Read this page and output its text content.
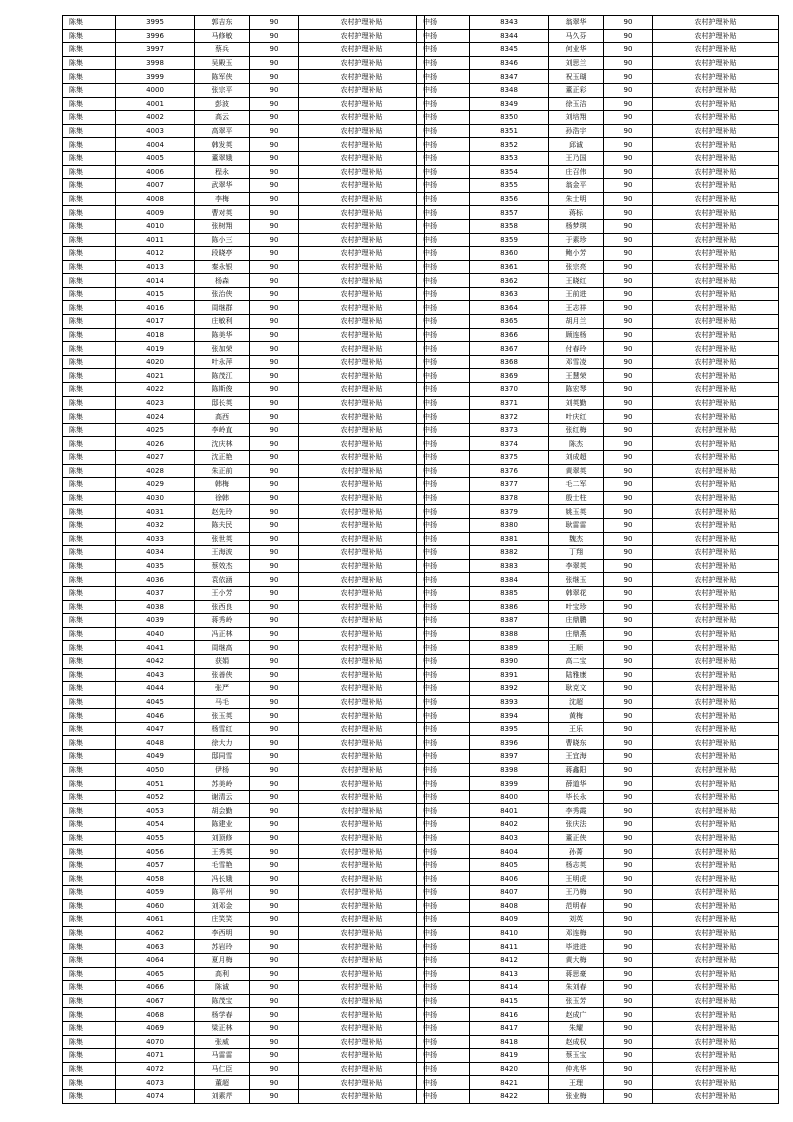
陈集	3995	郭吉东	90	农村护理补贴
陈集	3996	马修敏	90	农村护理补贴
陈集	3997	蔡兵	90	农村护理补贴
陈集	3998	吴殿玉	90	农村护理补贴
陈集	3999	陈军侠	90	农村护理补贴
陈集	4000	张宗平	90	农村护理补贴
陈集	4001	彭波	90	农村护理补贴
陈集	4002	高云	90	农村护理补贴
陈集	4003	高翠平	90	农村护理补贴
陈集	4004	韩发英	90	农村护理补贴
陈集	4005	董翠娥	90	农村护理补贴
陈集	4006	程永	90	农村护理补贴
陈集	4007	武翠华	90	农村护理补贴
陈集	4008	李梅	90	农村护理补贴
陈集	4009	曹对英	90	农村护理补贴
陈集	4010	张树翔	90	农村护理补贴
陈集	4011	陈小三	90	农村护理补贴
陈集	4012	段晓亭	90	农村护理补贴
陈集	4013	秦永银	90	农村护理补贴
陈集	4014	杨森	90	农村护理补贴
陈集	4015	张治侠	90	农村护理补贴
陈集	4016	周继群	90	农村护理补贴
陈集	4017	庄敏利	90	农村护理补贴
陈集	4018	陈美华	90	农村护理补贴
陈集	4019	张加荣	90	农村护理补贴
陈集	4020	叶永萍	90	农村护理补贴
陈集	4021	陈茂江	90	农村护理补贴
陈集	4022	陈斯俊	90	农村护理补贴
陈集	4023	邸长英	90	农村护理补贴
陈集	4024	高西	90	农村护理补贴
陈集	4025	李岭直	90	农村护理补贴
陈集	4026	沈庆林	90	农村护理补贴
陈集	4027	沈正艳	90	农村护理补贴
陈集	4028	朱正前	90	农村护理补贴
陈集	4029	韩梅	90	农村护理补贴
陈集	4030	徐韩	90	农村护理补贴
陈集	4031	赵先玲	90	农村护理补贴
陈集	4032	陈夫民	90	农村护理补贴
陈集	4033	张世英	90	农村护理补贴
陈集	4034	王海波	90	农村护理补贴
陈集	4035	蔡效杰	90	农村护理补贴
陈集	4036	袁依涵	90	农村护理补贴
陈集	4037	王小芳	90	农村护理补贴
陈集	4038	张西良	90	农村护理补贴
陈集	4039	蒋秀岭	90	农村护理补贴
陈集	4040	冯正林	90	农村护理补贴
陈集	4041	周继高	90	农村护理补贴
陈集	4042	获娟	90	农村护理补贴
陈集	4043	张善侠	90	农村护理补贴
陈集	4044	张严	90	农村护理补贴
陈集	4045	马毛	90	农村护理补贴
陈集	4046	张玉英	90	农村护理补贴
陈集	4047	杨雪红	90	农村护理补贴
陈集	4048	徐大力	90	农村护理补贴
陈集	4049	邸同雪	90	农村护理补贴
陈集	4050	伊杨	90	农村护理补贴
陈集	4051	苏美岭	90	农村护理补贴
陈集	4052	谢清云	90	农村护理补贴
陈集	4053	胡会勤	90	农村护理补贴
陈集	4054	陈建业	90	农村护理补贴
陈集	4055	刘顶修	90	农村护理补贴
陈集	4056	王秀英	90	农村护理补贴
陈集	4057	毛雪艳	90	农村护理补贴
陈集	4058	冯长娥	90	农村护理补贴
陈集	4059	陈平州	90	农村护理补贴
陈集	4060	刘邓金	90	农村护理补贴
陈集	4061	庄笑笑	90	农村护理补贴
陈集	4062	李西明	90	农村护理补贴
陈集	4063	苏岩玲	90	农村护理补贴
陈集	4064	夏月梅	90	农村护理补贴
陈集	4065	高利	90	农村护理补贴
陈集	4066	陈诚	90	农村护理补贴
陈集	4067	陈茂宝	90	农村护理补贴
陈集	4068	杨学春	90	农村护理补贴
陈集	4069	梁正林	90	农村护理补贴
陈集	4070	张威	90	农村护理补贴
陈集	4071	马雷雷	90	农村护理补贴
陈集	4072	马仁臣	90	农村护理补贴
陈集	4073	董超	90	农村护理补贴
陈集	4074	刘素芹	90	农村护理补贴
中扬	8343	翁翠华	90	农村护理补贴
中扬	8344	马久芬	90	农村护理补贴
中扬	8345	何业华	90	农村护理补贴
中扬	8346	刘思兰	90	农村护理补贴
中扬	8347	祝玉瑚	90	农村护理补贴
中扬	8348	董正彩	90	农村护理补贴
中扬	8349	徐玉洁	90	农村护理补贴
中扬	8350	刘培翔	90	农村护理补贴
中扬	8351	孙浩宇	90	农村护理补贴
中扬	8352	邱诚	90	农村护理补贴
中扬	8353	王乃国	90	农村护理补贴
中扬	8354	庄召伟	90	农村护理补贴
中扬	8355	翁金平	90	农村护理补贴
中扬	8356	朱士明	90	农村护理补贴
中扬	8357	蒋标	90	农村护理补贴
中扬	8358	杨梦琪	90	农村护理补贴
中扬	8359	于素珍	90	农村护理补贴
中扬	8360	鲍小芳	90	农村护理补贴
中扬	8361	张宗亮	90	农村护理补贴
中扬	8362	王晓红	90	农村护理补贴
中扬	8363	王前进	90	农村护理补贴
中扬	8364	王志祥	90	农村护理补贴
中扬	8365	胡月兰	90	农村护理补贴
中扬	8366	顾连杨	90	农村护理补贴
中扬	8367	付春玲	90	农村护理补贴
中扬	8368	邓雪凌	90	农村护理补贴
中扬	8369	王慧荣	90	农村护理补贴
中扬	8370	陈宏琴	90	农村护理补贴
中扬	8371	刘英勤	90	农村护理补贴
中扬	8372	叶庆红	90	农村护理补贴
中扬	8373	张红梅	90	农村护理补贴
中扬	8374	陈杰	90	农村护理补贴
中扬	8375	刘成超	90	农村护理补贴
中扬	8376	黄翠英	90	农村护理补贴
中扬	8377	毛二军	90	农村护理补贴
中扬	8378	殷士柱	90	农村护理补贴
中扬	8379	姚玉英	90	农村护理补贴
中扬	8380	耿雷雷	90	农村护理补贴
中扬	8381	魏杰	90	农村护理补贴
中扬	8382	丁翔	90	农村护理补贴
中扬	8383	李翠英	90	农村护理补贴
中扬	8384	张继玉	90	农村护理补贴
中扬	8385	韩翠花	90	农村护理补贴
中扬	8386	叶宝珍	90	农村护理补贴
中扬	8387	庄鼎鹏	90	农村护理补贴
中扬	8388	庄鼎燕	90	农村护理补贴
中扬	8389	王顺	90	农村护理补贴
中扬	8390	高二宝	90	农村护理补贴
中扬	8391	陆雅康	90	农村护理补贴
中扬	8392	耿克文	90	农村护理补贴
中扬	8393	沈超	90	农村护理补贴
中扬	8394	黄梅	90	农村护理补贴
中扬	8395	王乐	90	农村护理补贴
中扬	8396	曹晓东	90	农村护理补贴
中扬	8397	王宜海	90	农村护理补贴
中扬	8398	蒋鑫阳	90	农村护理补贴
中扬	8399	薛道华	90	农村护理补贴
中扬	8400	毕长永	90	农村护理补贴
中扬	8401	李秀霞	90	农村护理补贴
中扬	8402	张庆法	90	农村护理补贴
中扬	8403	董正侠	90	农村护理补贴
中扬	8404	孙菁	90	农村护理补贴
中扬	8405	杨志英	90	农村护理补贴
中扬	8406	王明虎	90	农村护理补贴
中扬	8407	王乃梅	90	农村护理补贴
中扬	8408	范明春	90	农村护理补贴
中扬	8409	刘英	90	农村护理补贴
中扬	8410	邓连梅	90	农村护理补贴
中扬	8411	毕进进	90	农村护理补贴
中扬	8412	黄大梅	90	农村护理补贴
中扬	8413	蒋思豪	90	农村护理补贴
中扬	8414	朱刘春	90	农村护理补贴
中扬	8415	张玉芳	90	农村护理补贴
中扬	8416	赵成广	90	农村护理补贴
中扬	8417	朱耀	90	农村护理补贴
中扬	8418	赵成权	90	农村护理补贴
中扬	8419	蔡玉宝	90	农村护理补贴
中扬	8420	仲兆华	90	农村护理补贴
中扬	8421	王理	90	农村护理补贴
中扬	8422	张业梅	90	农村护理补贴
